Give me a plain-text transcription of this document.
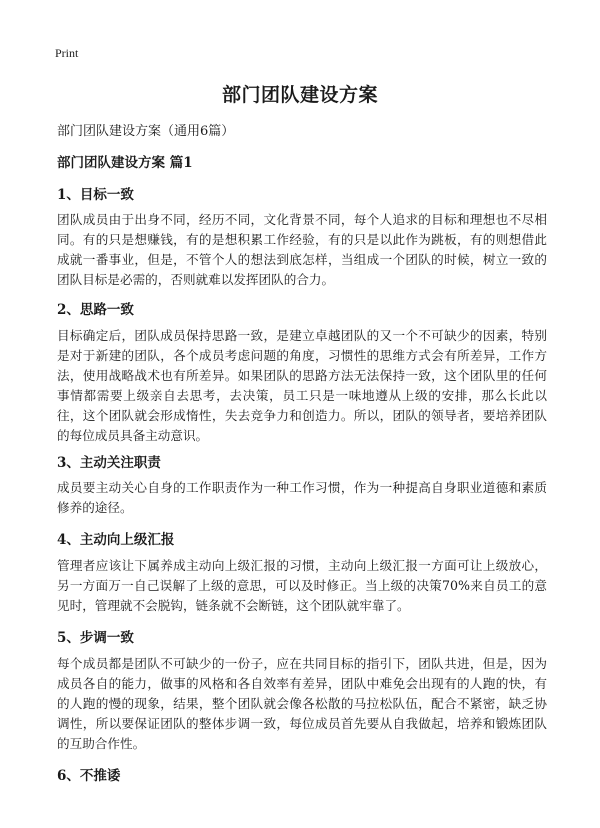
Print
部门团队建设方案
部门团队建设方案（通用6篇）
部门团队建设方案 篇1
1、目标一致
团队成员由于出身不同，经历不同，文化背景不同，每个人追求的目标和理想也不尽相同。有的只是想赚钱，有的是想积累工作经验，有的只是以此作为跳板，有的则想借此成就一番事业，但是，不管个人的想法到底怎样，当组成一个团队的时候，树立一致的团队目标是必需的，否则就难以发挥团队的合力。
2、思路一致
目标确定后，团队成员保持思路一致，是建立卓越团队的又一个不可缺少的因素，特别是对于新建的团队，各个成员考虑问题的角度，习惯性的思维方式会有所差异，工作方法，使用战略战术也有所差异。如果团队的思路方法无法保持一致，这个团队里的任何事情都需要上级亲自去思考，去决策，员工只是一味地遵从上级的安排，那么长此以往，这个团队就会形成惰性，失去竞争力和创造力。所以，团队的领导者，要培养团队的每位成员具备主动意识。
3、主动关注职责
成员要主动关心自身的工作职责作为一种工作习惯，作为一种提高自身职业道德和素质修养的途径。
4、主动向上级汇报
管理者应该让下属养成主动向上级汇报的习惯，主动向上级汇报一方面可让上级放心，另一方面万一自己误解了上级的意思，可以及时修正。当上级的决策70%来自员工的意见时，管理就不会脱钩，链条就不会断链，这个团队就牢靠了。
5、步调一致
每个成员都是团队不可缺少的一份子，应在共同目标的指引下，团队共进，但是，因为成员各自的能力，做事的风格和各自效率有差异，团队中难免会出现有的人跑的快，有的人跑的慢的现象，结果，整个团队就会像各松散的马拉松队伍，配合不紧密，缺乏协调性，所以要保证团队的整体步调一致，每位成员首先要从自我做起，培养和锻炼团队的互助合作性。
6、不推诿
